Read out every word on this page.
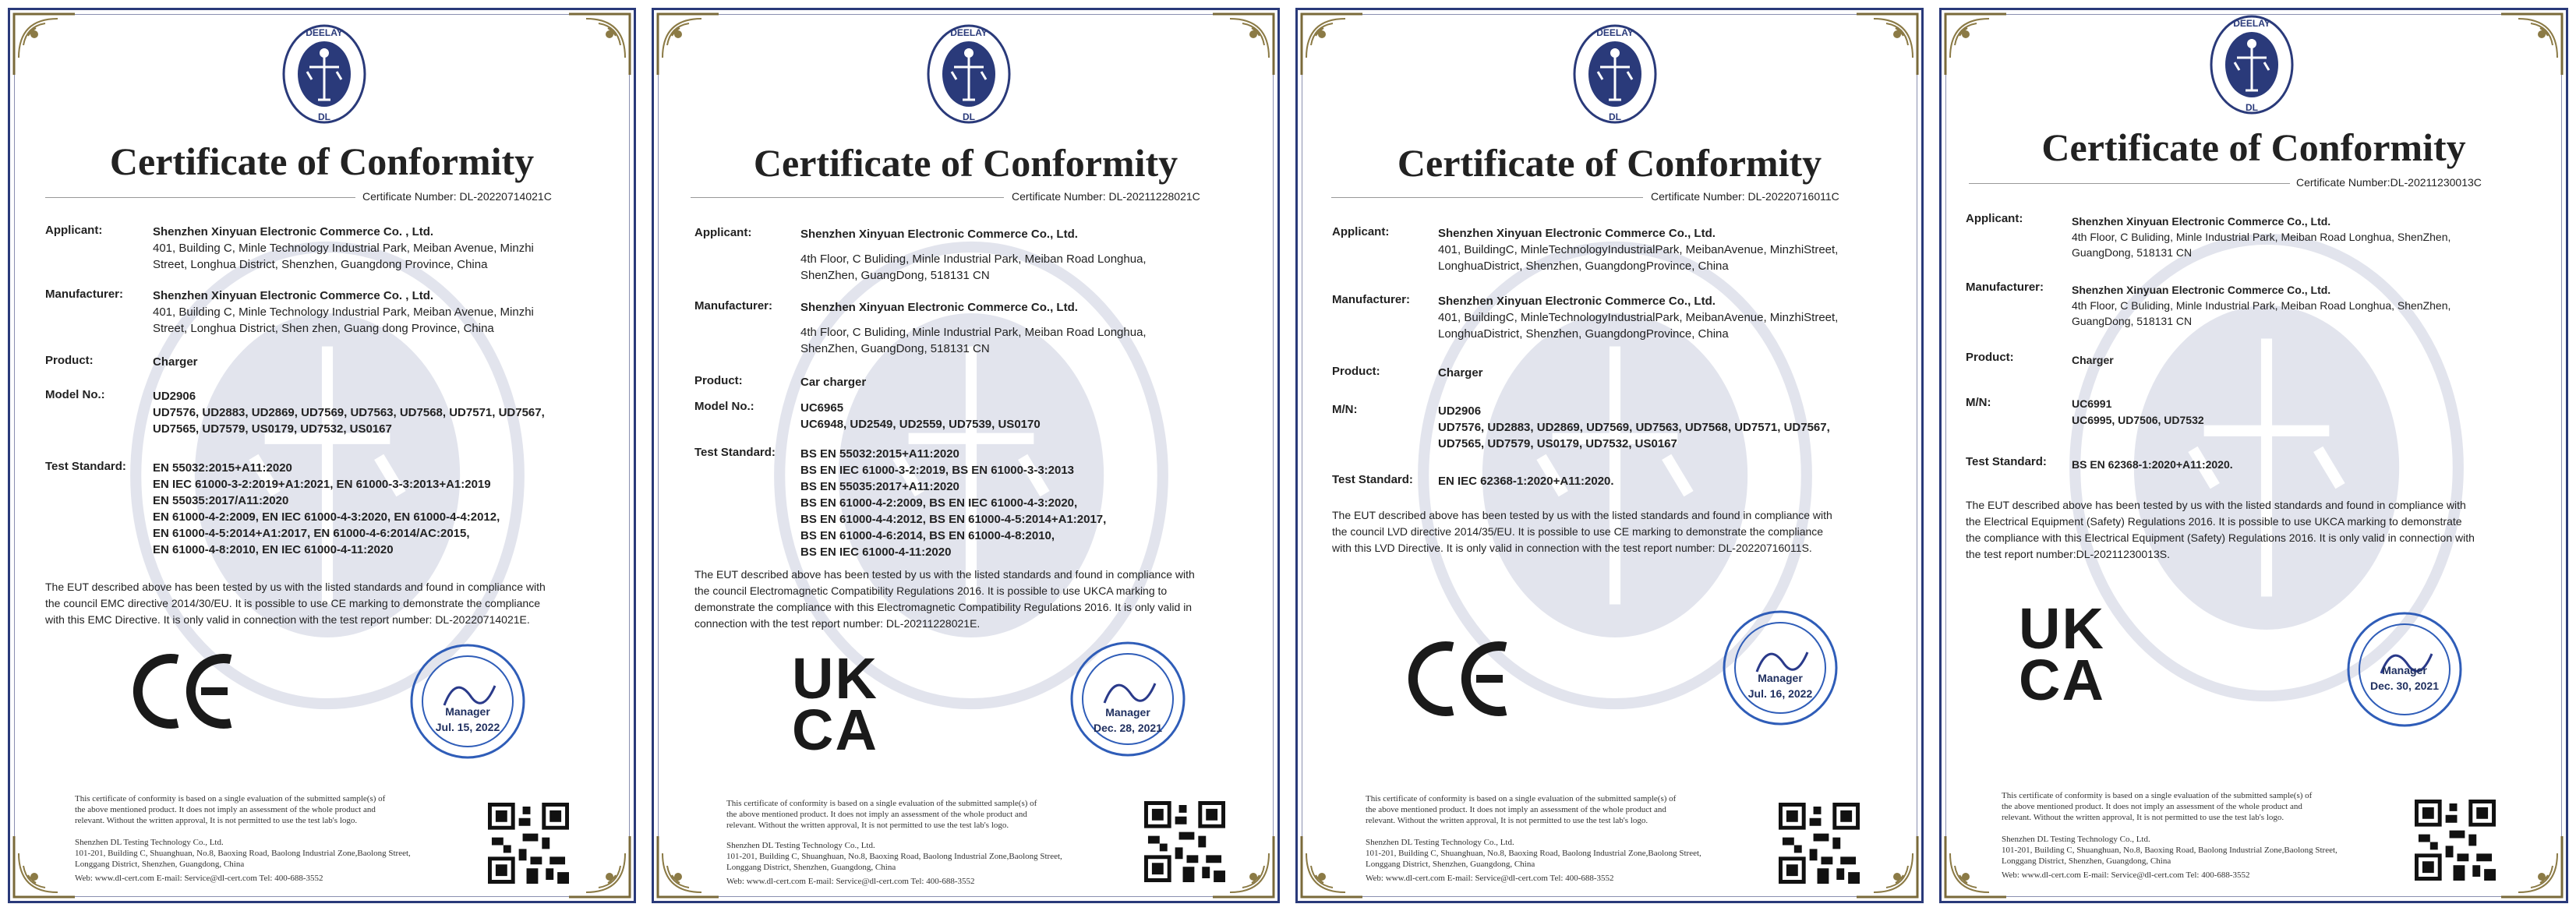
DEELAY
DL
Certificate of Conformity
Certificate Number: DL-20220714021C
Applicant:	Shenzhen Xinyuan Electronic Commerce Co. , Ltd.
401, Building C, Minle Technology Industrial Park, Meiban Avenue, Minzhi
Street, Longhua District, Shenzhen, Guangdong Province, China
Manufacturer:	Shenzhen Xinyuan Electronic Commerce Co. , Ltd.
401, Building C, Minle Technology Industrial Park, Meiban Avenue, Minzhi
Street, Longhua District, Shen zhen, Guang dong Province, China
Product:	Charger
Model No.:	UD2906
UD7576, UD2883, UD2869, UD7569, UD7563, UD7568, UD7571, UD7567,
UD7565, UD7579, US0179, UD7532, US0167
Test Standard: EN 55032:2015+A11:2020
EN IEC 61000-3-2:2019+A1:2021, EN 61000-3-3:2013+A1:2019
EN 55035:2017/A11:2020
EN 61000-4-2:2009, EN IEC 61000-4-3:2020, EN 61000-4-4:2012,
EN 61000-4-5:2014+A1:2017, EN 61000-4-6:2014/AC:2015,
EN 61000-4-8:2010, EN IEC 61000-4-11:2020
The EUT described above has been tested by us with the listed standards and found in compliance with
the council EMC directive 2014/30/EU. It is possible to use CE marking to demonstrate the compliance
with this EMC Directive. It is only valid in connection with the test report number: DL-20220714021E.
Manager
Jul. 15, 2022
This certificate of conformity is based on a single evaluation of the submitted sample(s) of
the above mentioned product. It does not imply an assessment of the whole product and
relevant. Without the written approval, It is not permitted to use the test lab's logo.
Shenzhen DL Testing Technology Co., Ltd.
101-201, Building C, Shuanghuan, No.8, Baoxing Road, Baolong Industrial Zone,Baolong Street,
Longgang District, Shenzhen, Guangdong, China
Web: www.dl-cert.com E-mail: Service@dl-cert.com Tel: 400-688-3552
DEELAY
DL
Certificate of Conformity
Certificate Number: DL-20211228021C
Applicant:	Shenzhen Xinyuan Electronic Commerce Co., Ltd.
4th Floor, C Buliding, Minle Industrial Park, Meiban Road Longhua,
ShenZhen, GuangDong, 518131 CN
Manufacturer: Shenzhen Xinyuan Electronic Commerce Co., Ltd.
4th Floor, C Buliding, Minle Industrial Park, Meiban Road Longhua,
ShenZhen, GuangDong, 518131 CN
Product:	Car charger
Model No.:	UC6965
UC6948, UD2549, UD2559, UD7539, US0170
Test Standard: BS EN 55032:2015+A11:2020
BS EN IEC 61000-3-2:2019, BS EN 61000-3-3:2013
BS EN 55035:2017+A11:2020
BS EN 61000-4-2:2009, BS EN IEC 61000-4-3:2020,
BS EN 61000-4-4:2012, BS EN 61000-4-5:2014+A1:2017,
BS EN 61000-4-6:2014, BS EN 61000-4-8:2010,
BS EN IEC 61000-4-11:2020
The EUT described above has been tested by us with the listed standards and found in compliance with
the council Electromagnetic Compatibility Regulations 2016. It is possible to use UKCA marking to
demonstrate the compliance with this Electromagnetic Compatibility Regulations 2016. It is only valid in
connection with the test report number: DL-20211228021E.
UK
CA	Manager
Dec. 28, 2021
This certificate of conformity is based on a single evaluation of the submitted sample(s) of
the above mentioned product. It does not imply an assessment of the whole product and
relevant. Without the written approval, It is not permitted to use the test lab's logo.
Shenzhen DL Testing Technology Co., Ltd.
101-201, Building C, Shuanghuan, No.8, Baoxing Road, Baolong Industrial Zone,Baolong Street,
Longgang District, Shenzhen, Guangdong, China
Web: www.dl-cert.com E-mail: Service@dl-cert.com Tel: 400-688-3552
DEELAY
DL
Certificate of Conformity
Certificate Number: DL-20220716011C
Applicant:	Shenzhen Xinyuan Electronic Commerce Co., Ltd.
401, BuildingC, MinleTechnologyIndustrialPark, MeibanAvenue, MinzhiStreet,
LonghuaDistrict, Shenzhen, GuangdongProvince, China
Manufacturer: Shenzhen Xinyuan Electronic Commerce Co., Ltd.
401, BuildingC, MinleTechnologyIndustrialPark, MeibanAvenue, MinzhiStreet,
LonghuaDistrict, Shenzhen, GuangdongProvince, China
Product:	Charger
M/N:	UD2906
UD7576, UD2883, UD2869, UD7569, UD7563, UD7568, UD7571, UD7567,
UD7565, UD7579, US0179, UD7532, US0167
Test Standard: EN IEC 62368-1:2020+A11:2020.
The EUT described above has been tested by us with the listed standards and found in compliance with
the council LVD directive 2014/35/EU. It is possible to use CE marking to demonstrate the compliance
with this LVD Directive. It is only valid in connection with the test report number: DL-20220716011S.
Manager
Jul. 16, 2022
This certificate of conformity is based on a single evaluation of the submitted sample(s) of
the above mentioned product. It does not imply an assessment of the whole product and
relevant. Without the written approval, It is not permitted to use the test lab's logo.
Shenzhen DL Testing Technology Co., Ltd.
101-201, Building C, Shuanghuan, No.8, Baoxing Road, Baolong Industrial Zone,Baolong Street,
Longgang District, Shenzhen, Guangdong, China
Web: www.dl-cert.com E-mail: Service@dl-cert.com Tel: 400-688-3552
DEELAY
DL
Certificate of Conformity
Certificate Number:DL-20211230013C
Applicant:	Shenzhen Xinyuan Electronic Commerce Co., Ltd.
4th Floor, C Buliding, Minle Industrial Park, Meiban Road Longhua, ShenZhen,
GuangDong, 518131 CN
Manufacturer:	Shenzhen Xinyuan Electronic Commerce Co., Ltd.
4th Floor, C Buliding, Minle Industrial Park, Meiban Road Longhua, ShenZhen,
GuangDong, 518131 CN
Product:	Charger
M/N:	UC6991
UC6995, UD7506, UD7532
Test Standard: BS EN 62368-1:2020+A11:2020.
The EUT described above has been tested by us with the listed standards and found in compliance with
the Electrical Equipment (Safety) Regulations 2016. It is possible to use UKCA marking to demonstrate
the compliance with this Electrical Equipment (Safety) Regulations 2016. It is only valid in connection with
the test report number:DL-20211230013S.
UK
CA	Manager
Dec. 30, 2021
This certificate of conformity is based on a single evaluation of the submitted sample(s) of
the above mentioned product. It does not imply an assessment of the whole product and
relevant. Without the written approval, It is not permitted to use the test lab's logo.
Shenzhen DL Testing Technology Co., Ltd.
101-201, Building C, Shuanghuan, No.8, Baoxing Road, Baolong Industrial Zone,Baolong Street,
Longgang District, Shenzhen, Guangdong, China
Web: www.dl-cert.com E-mail: Service@dl-cert.com Tel: 400-688-3552
